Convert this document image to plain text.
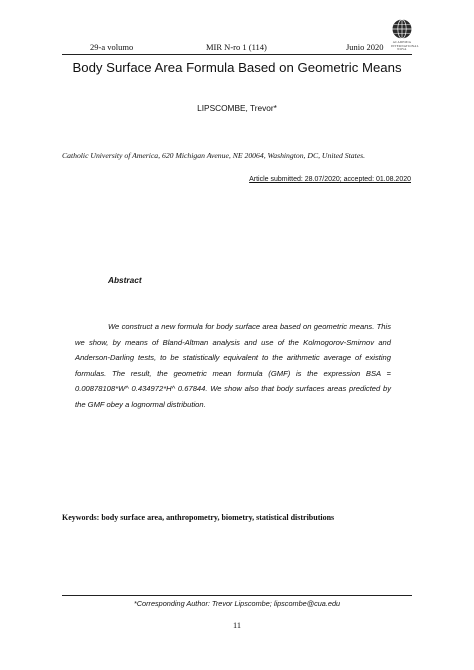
29-a volumo	MIR N-ro 1 (114)	Junio 2020	ACADEMIA
INTERNATIONAL
NOVA
Body Surface Area Formula Based on Geometric Means
LIPSCOMBE, Trevor*
Catholic University of America, 620 Michigan Avenue, NE 20064, Washington, DC, United States.
Article submitted: 28.07/2020; accepted: 01.08.2020
Abstract
We construct a new formula for body surface area based on geometric means. This we show, by means of Bland-Altman analysis and use of the Kolmogorov-Smirnov and Anderson-Darling tests, to be statistically equivalent to the arithmetic average of existing formulas. The result, the geometric mean formula (GMF) is the expression BSA = 0.00878108*W^ 0.434972*H^ 0.67844. We show also that body surfaces areas predicted by the GMF obey a lognormal distribution.
Keywords: body surface area, anthropometry, biometry, statistical distributions
*Corresponding Author: Trevor Lipscombe; lipscombe@cua.edu
11
